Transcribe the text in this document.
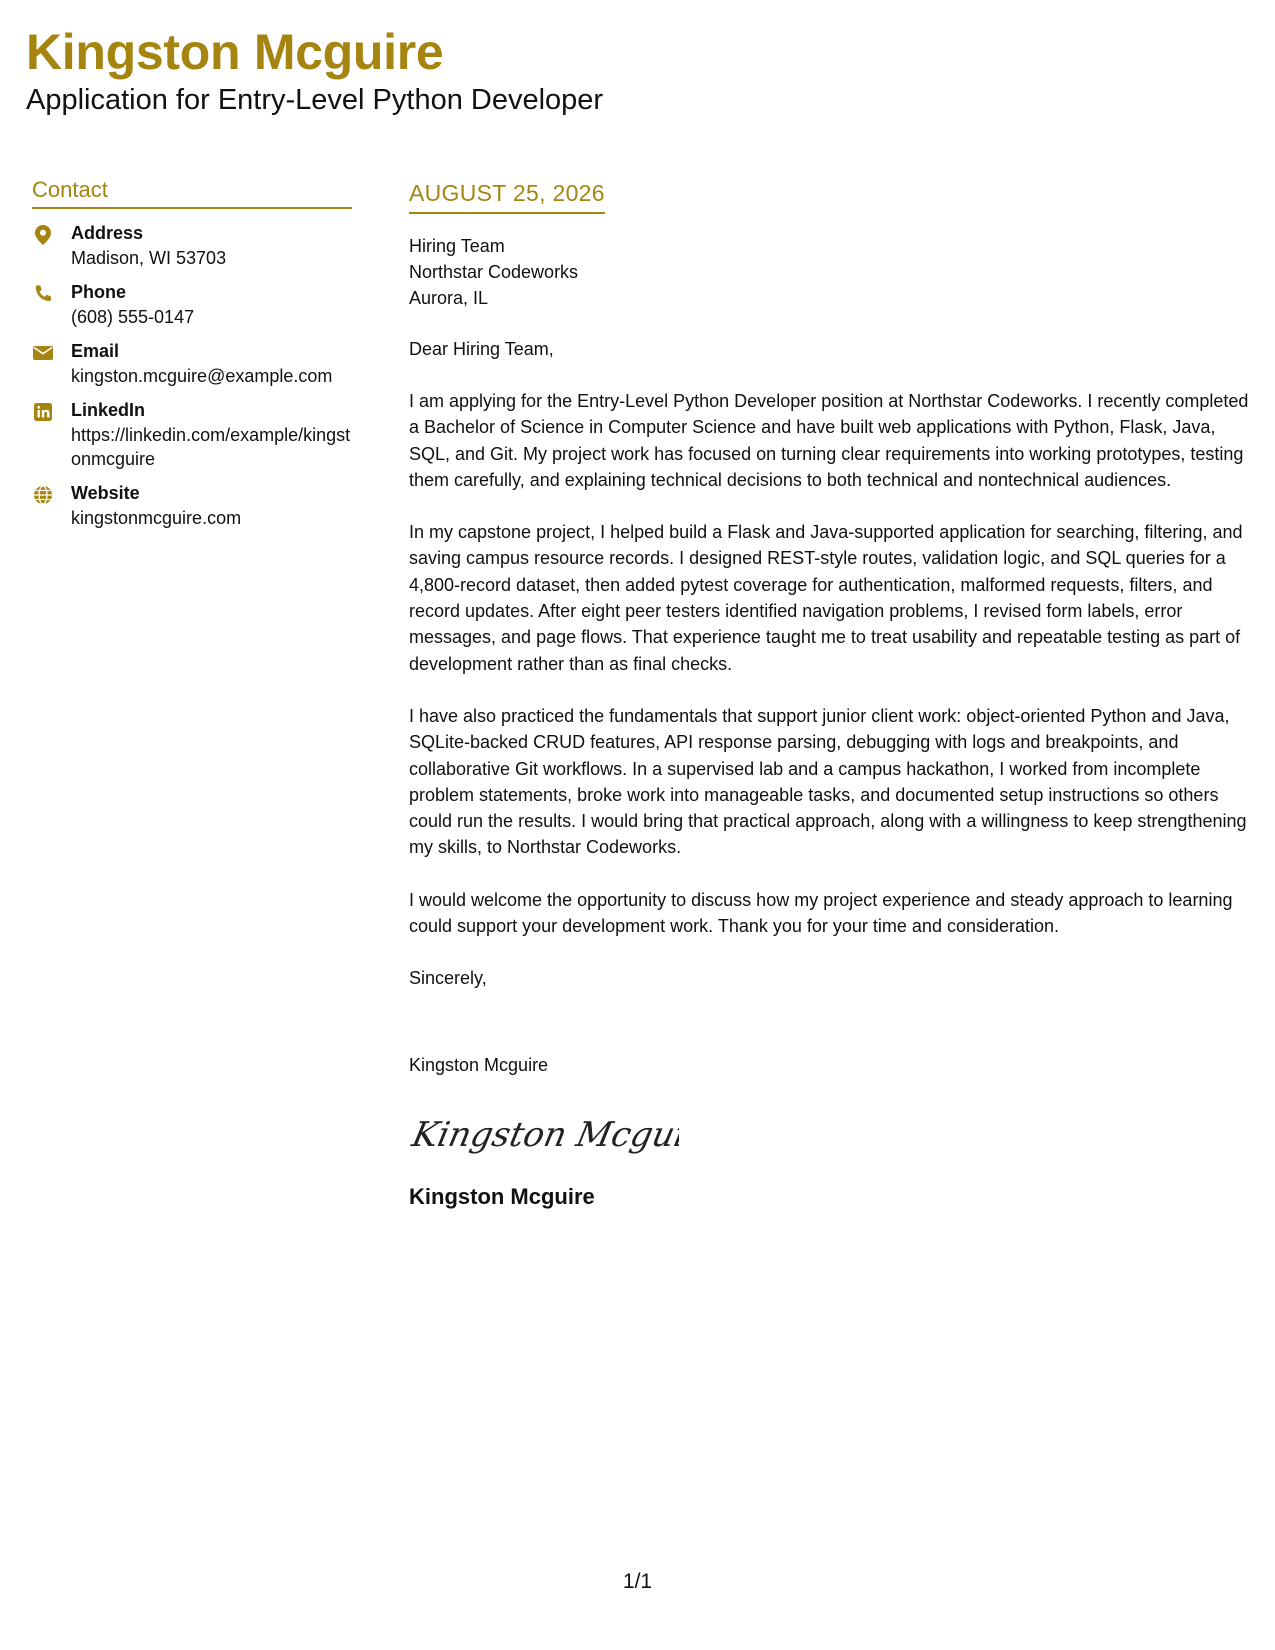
Kingston Mcguire
Application for Entry-Level Python Developer
Contact
Address
Madison, WI 53703
Phone
(608) 555-0147
Email
kingston.mcguire@example.com
LinkedIn
https://linkedin.com/example/kingstonmcguire
Website
kingstonmcguire.com
AUGUST 25, 2026
Hiring Team
Northstar Codeworks
Aurora, IL
Dear Hiring Team,

I am applying for the Entry-Level Python Developer position at Northstar Codeworks. I recently completed a Bachelor of Science in Computer Science and have built web applications with Python, Flask, Java, SQL, and Git. My project work has focused on turning clear requirements into working prototypes, testing them carefully, and explaining technical decisions to both technical and nontechnical audiences.

In my capstone project, I helped build a Flask and Java-supported application for searching, filtering, and saving campus resource records. I designed REST-style routes, validation logic, and SQL queries for a 4,800-record dataset, then added pytest coverage for authentication, malformed requests, filters, and record updates. After eight peer testers identified navigation problems, I revised form labels, error messages, and page flows. That experience taught me to treat usability and repeatable testing as part of development rather than as final checks.

I have also practiced the fundamentals that support junior client work: object-oriented Python and Java, SQLite-backed CRUD features, API response parsing, debugging with logs and breakpoints, and collaborative Git workflows. In a supervised lab and a campus hackathon, I worked from incomplete problem statements, broke work into manageable tasks, and documented setup instructions so others could run the results. I would bring that practical approach, along with a willingness to keep strengthening my skills, to Northstar Codeworks.

I would welcome the opportunity to discuss how my project experience and steady approach to learning could support your development work. Thank you for your time and consideration.

Sincerely,
Kingston Mcguire
Kingston Mcguir
Kingston Mcguire
1/1
